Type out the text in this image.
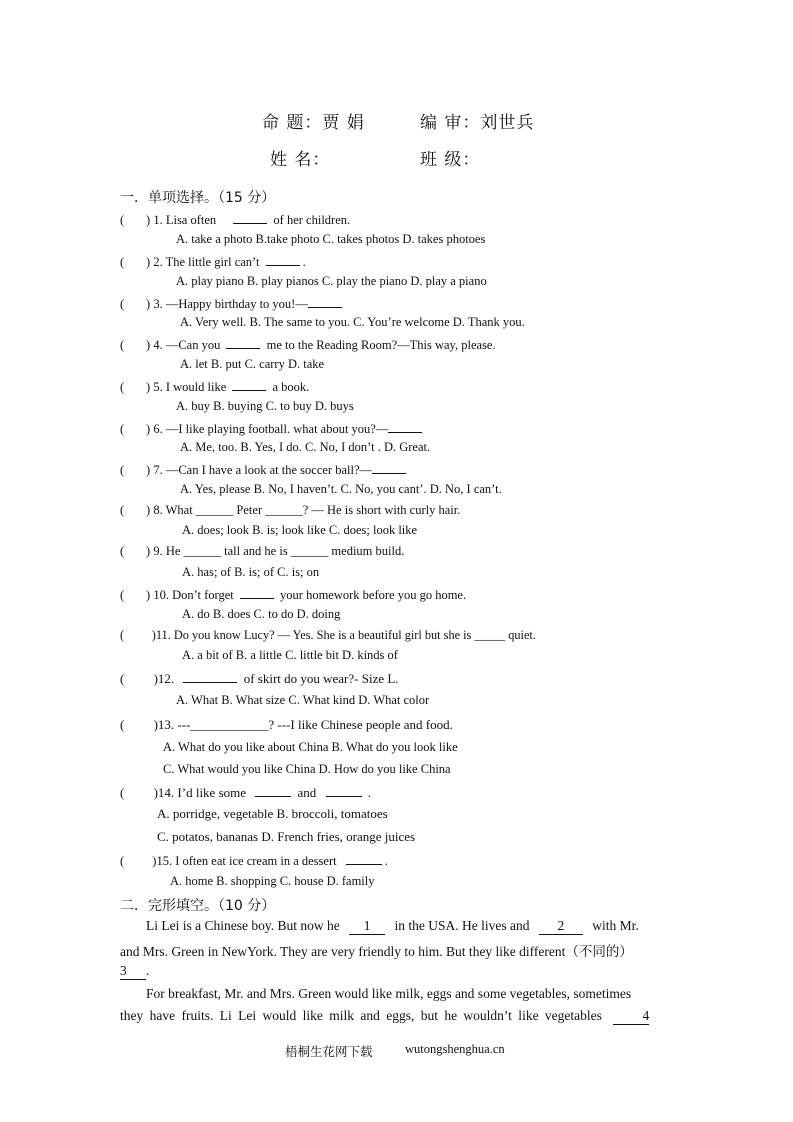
命 题：贾 娟	编 审：刘世兵
姓 名：	班 级：
一．单项选择。（15 分）
(       ) 1. Lisa often	of her children.
A. take a photo B.take photo C. takes photos D. takes photoes
(       ) 2. The little girl can’t	.
A. play piano B. play pianos C. play the piano D. play a piano
(       ) 3. —Happy birthday to you!—
A. Very well. B. The same to you. C. You’re welcome D. Thank you.
(       ) 4. —Can you	me to the Reading Room?—This way, please.
A. let B. put C. carry D. take
(       ) 5. I would like	a book.
A. buy B. buying C. to buy D. buys
(       ) 6. —I like playing football. what about you?—
A. Me, too. B. Yes, I do. C. No, I don’t . D. Great.
(       ) 7. —Can I have a look at the soccer ball?—
A. Yes, please B. No, I haven’t. C. No, you cant’. D. No, I can’t.
(       ) 8. What ______ Peter ______? — He is short with curly hair.
A. does; look B. is; look like C. does; look like
(       ) 9. He ______ tall and he is ______ medium build.
A. has; of B. is; of C. is; on
(       ) 10. Don’t forget	your homework before you go home.
A. do B. does C. to do D. doing
(         )11. Do you know Lucy? — Yes. She is a beautiful girl but she is _____ quiet.
A. a bit of B. a little C. little bit D. kinds of
(         )12.	of skirt do you wear?- Size L.
A. What B. What size C. What kind D. What color
(         )13. ---____________? ---I like Chinese people and food.
A. What do you like about China B. What do you look like
C. What would you like China D. How do you like China
(         )14. I’d like some	and	.
A. porridge, vegetable B. broccoli, tomatoes
C. potatos, bananas D. French fries, orange juices
(         )15. I often eat ice cream in a dessert	.
A. home B. shopping C. house D. family
二．完形填空。（10 分）
Li Lei is a Chinese boy. But now he 1 in the USA. He lives and 2 with Mr.
and Mrs. Green in NewYork. They are very friendly to him. But they like different（不同的）
3 .
For breakfast, Mr. and Mrs. Green would like milk, eggs and some vegetables, sometimes
they have fruits. Li Lei would like milk and eggs, but he wouldn’t like vegetables	4
梧桐生花网下载	wutongshenghua.cn
